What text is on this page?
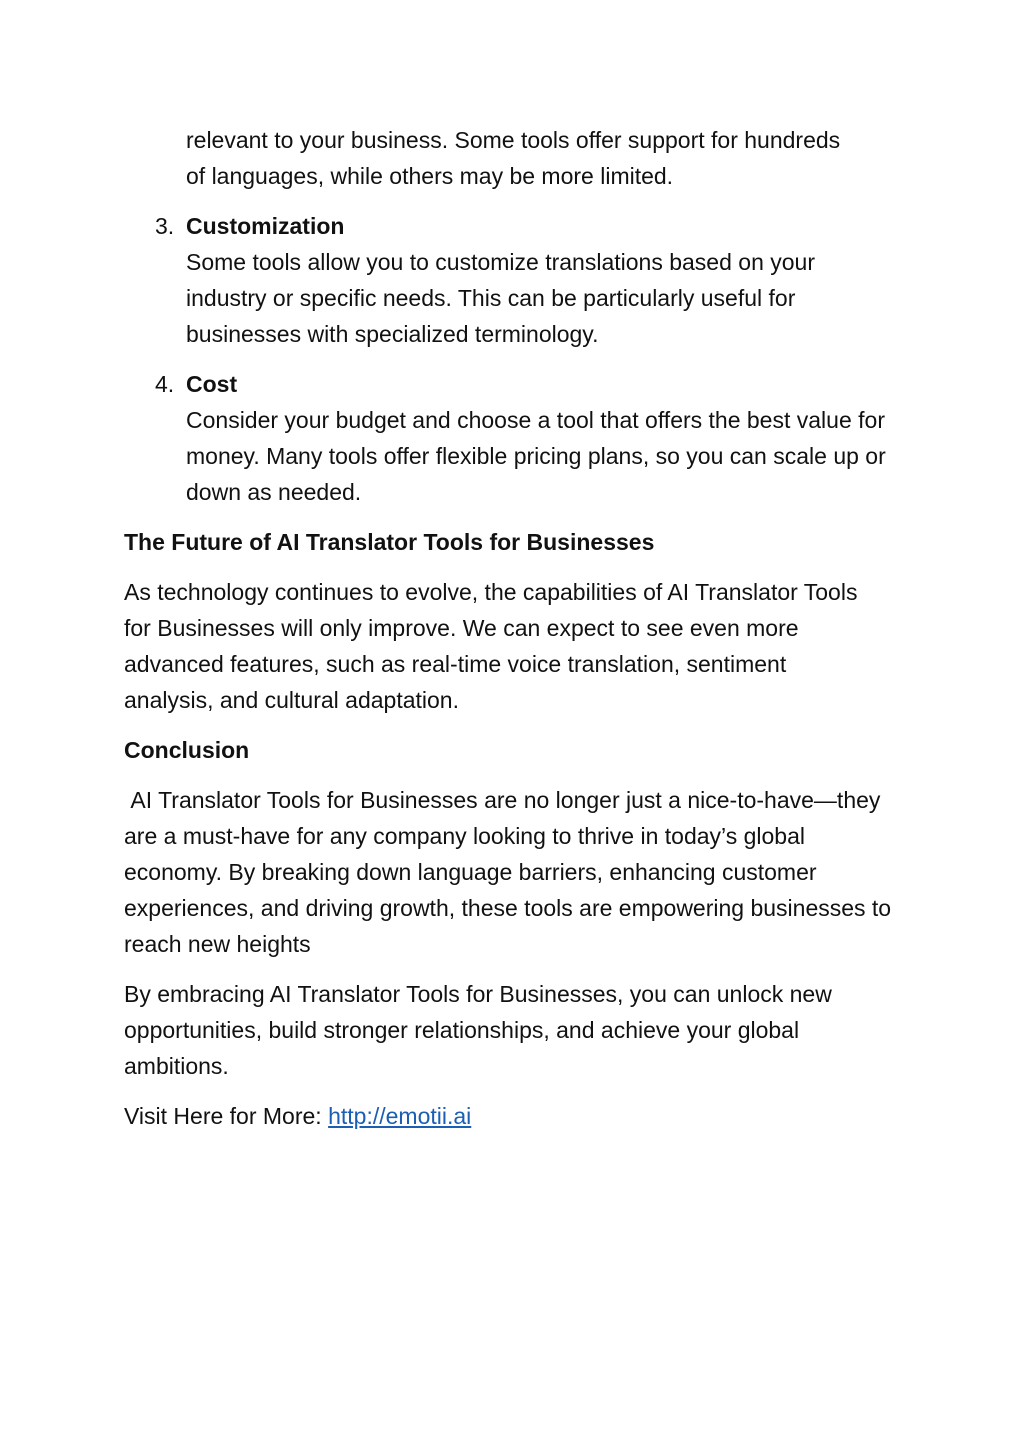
relevant to your business. Some tools offer support for hundreds of languages, while others may be more limited.

3. Customization

Some tools allow you to customize translations based on your industry or specific needs. This can be particularly useful for businesses with specialized terminology.

4. Cost

Consider your budget and choose a tool that offers the best value for money. Many tools offer flexible pricing plans, so you can scale up or down as needed.

The Future of AI Translator Tools for Businesses

As technology continues to evolve, the capabilities of AI Translator Tools for Businesses will only improve. We can expect to see even more advanced features, such as real-time voice translation, sentiment analysis, and cultural adaptation.

Conclusion

AI Translator Tools for Businesses are no longer just a nice-to-have—they are a must-have for any company looking to thrive in today’s global economy. By breaking down language barriers, enhancing customer experiences, and driving growth, these tools are empowering businesses to reach new heights

By embracing AI Translator Tools for Businesses, you can unlock new opportunities, build stronger relationships, and achieve your global ambitions.

Visit Here for More: http://emotii.ai
